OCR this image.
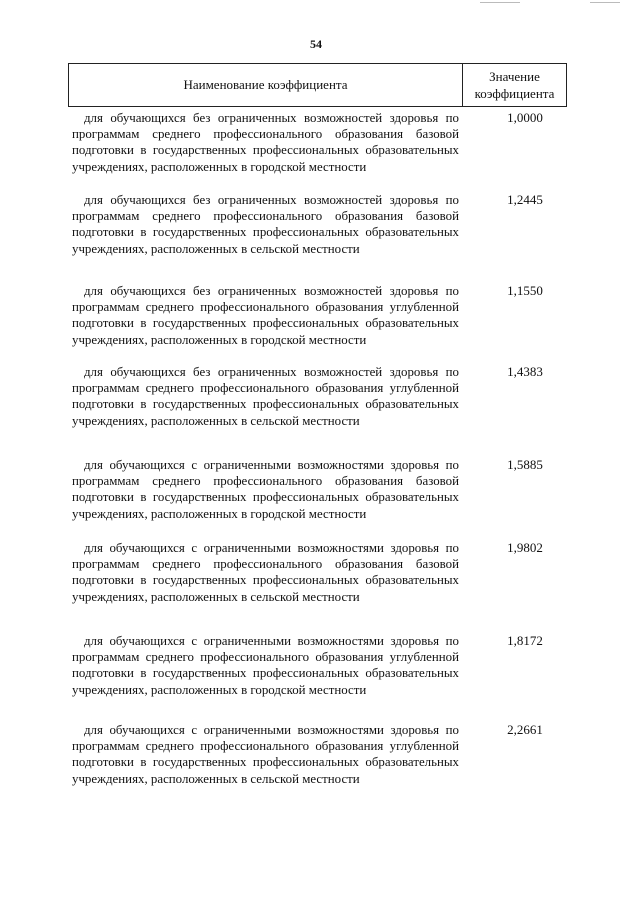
54
Наименование коэффициента
Значение
коэффициента
для обучающихся без ограниченных возможностей здоровья по программам среднего профессионального образования базовой подготовки в государственных профессиональных образовательных учреждениях, расположенных в городской местности
1,0000
для обучающихся без ограниченных возможностей здоровья по программам среднего профессионального образования базовой подготовки в государственных профессиональных образовательных учреждениях, расположенных в сельской местности
1,2445
для обучающихся без ограниченных возможностей здоровья по программам среднего профессионального образования углубленной подготовки в государственных профессиональных образовательных учреждениях, расположенных в городской местности
1,1550
для обучающихся без ограниченных возможностей здоровья по программам среднего профессионального образования углубленной подготовки в государственных профессиональных образовательных учреждениях, расположенных в сельской местности
1,4383
для обучающихся с ограниченными возможностями здоровья по программам среднего профессионального образования базовой подготовки в государственных профессиональных образовательных учреждениях, расположенных в городской местности
1,5885
для обучающихся с ограниченными возможностями здоровья по программам среднего профессионального образования базовой подготовки в государственных профессиональных образовательных учреждениях, расположенных в сельской местности
1,9802
для обучающихся с ограниченными возможностями здоровья по программам среднего профессионального образования углубленной подготовки в государственных профессиональных образовательных учреждениях, расположенных в городской местности
1,8172
для обучающихся с ограниченными возможностями здоровья по программам среднего профессионального образования углубленной подготовки в государственных профессиональных образовательных учреждениях, расположенных в сельской местности
2,2661
